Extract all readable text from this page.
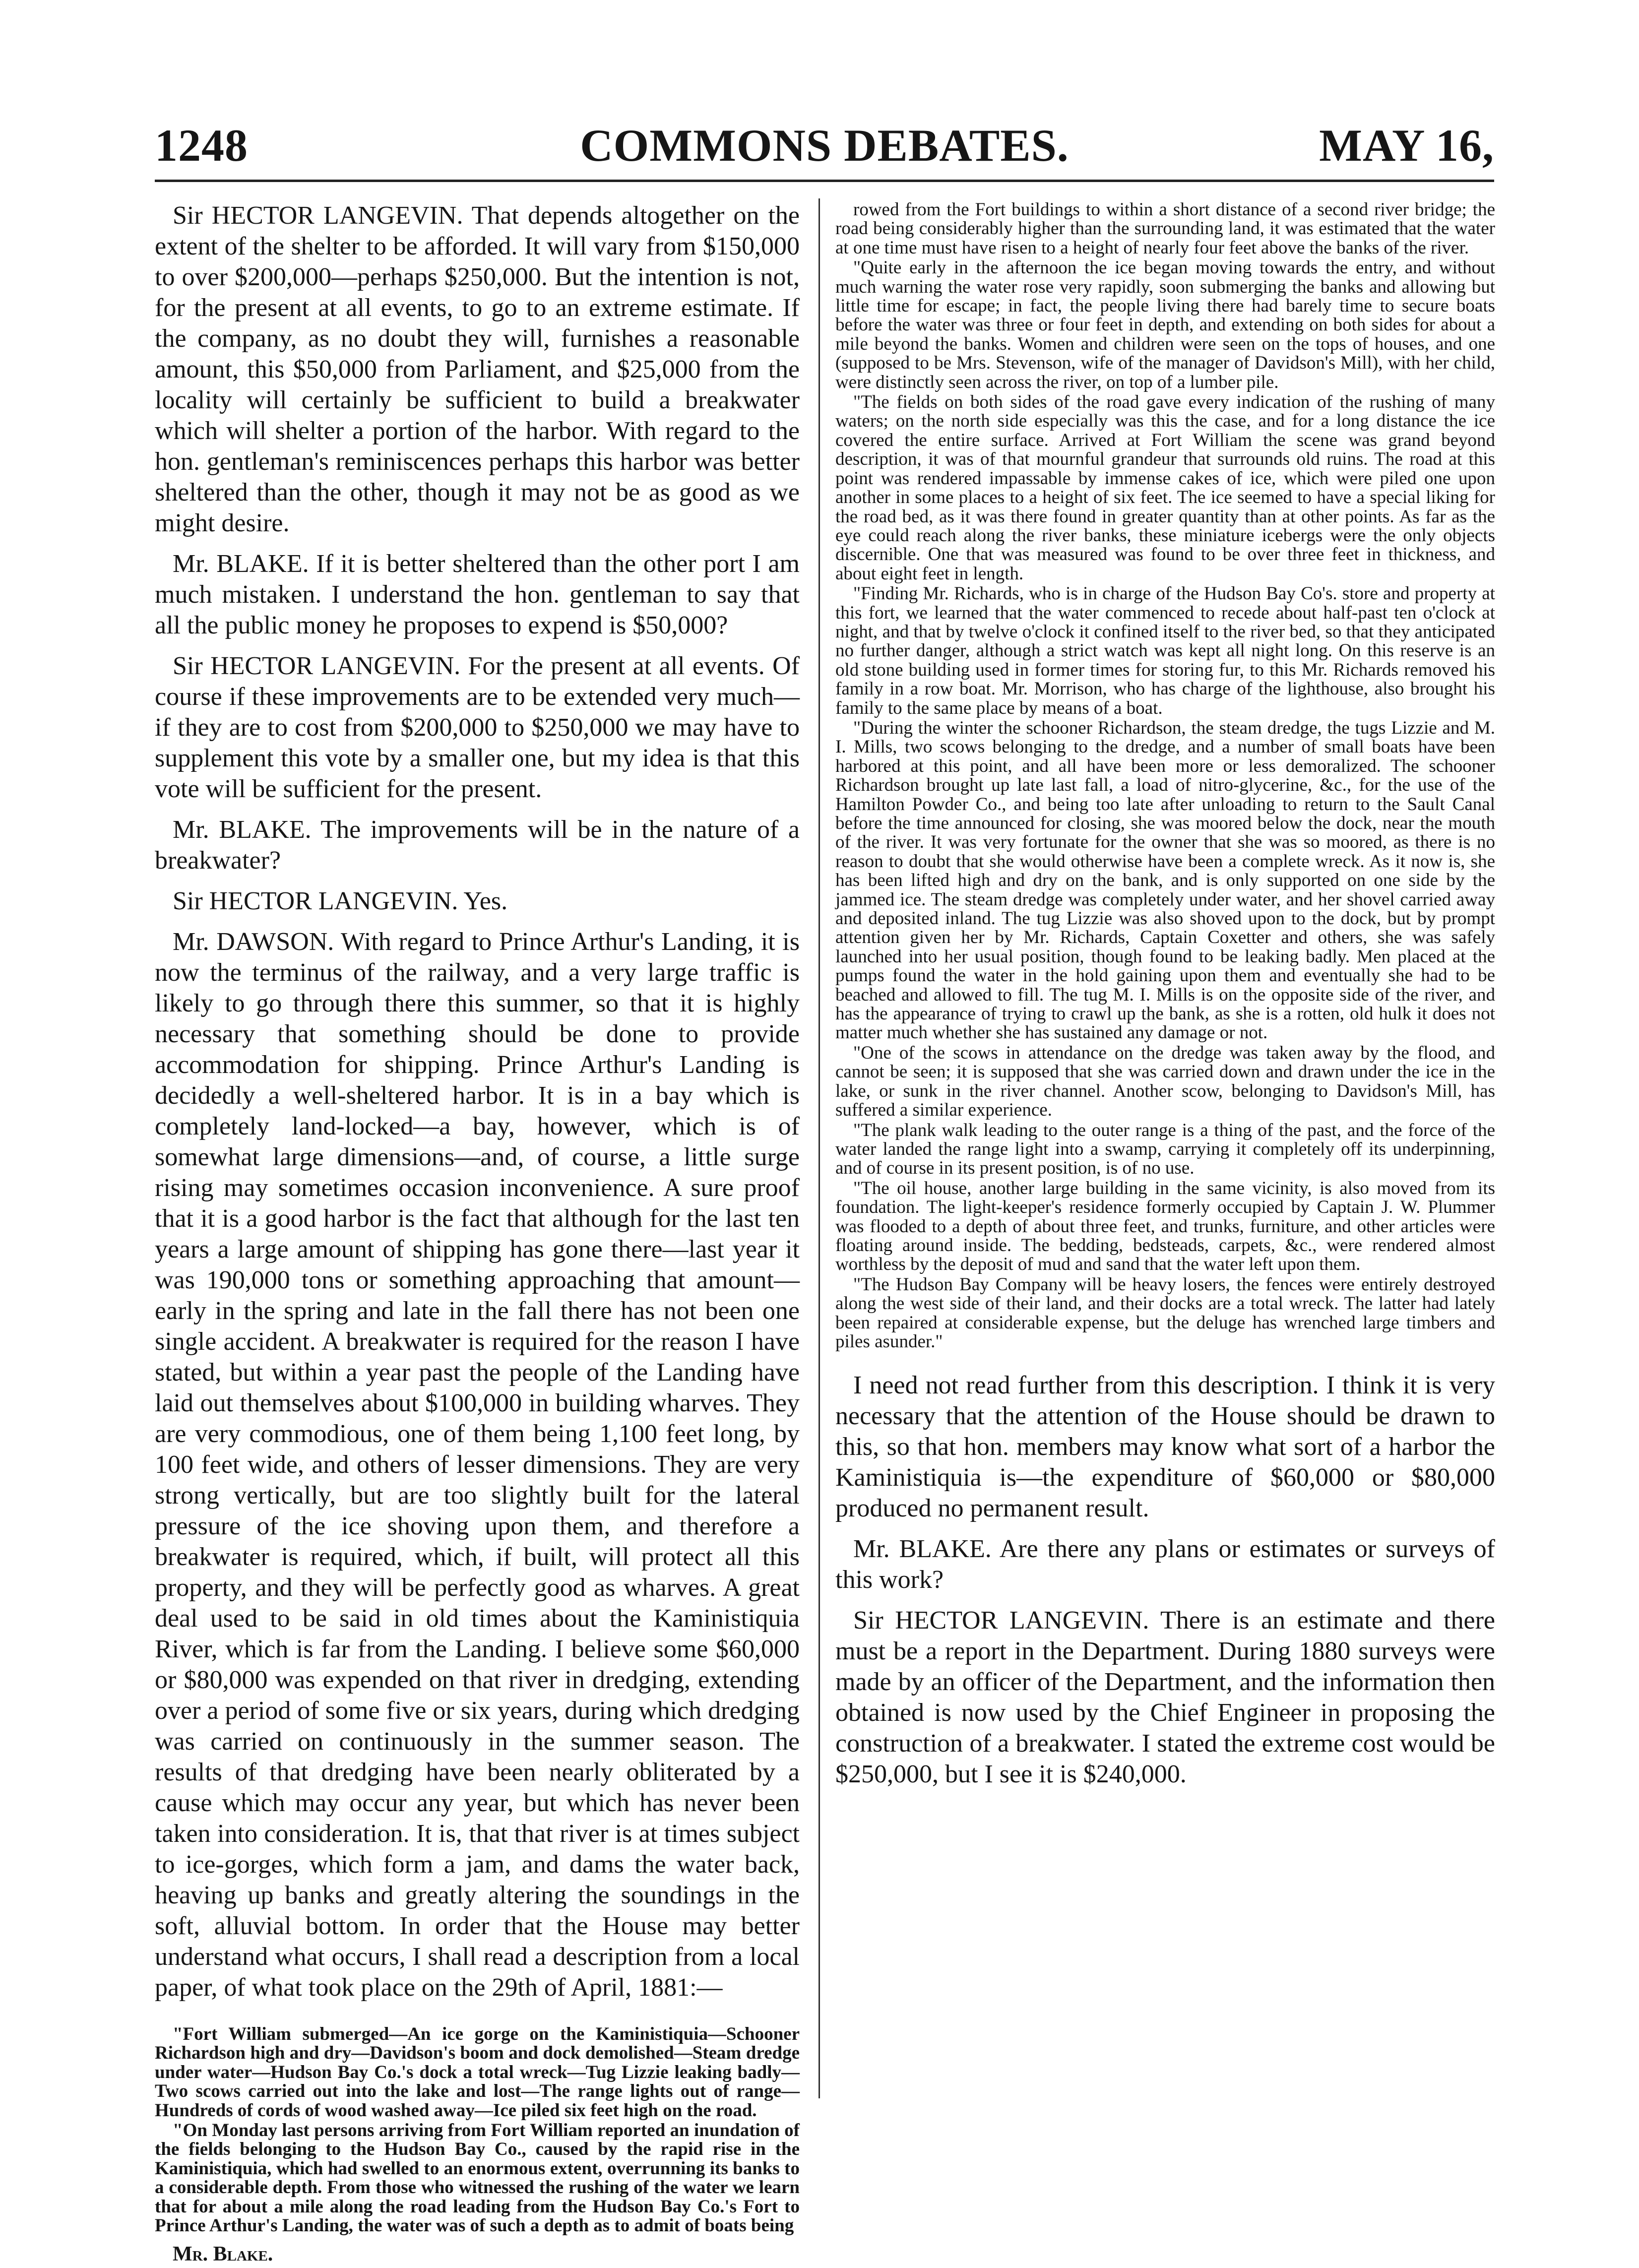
1248	COMMONS DEBATES.	MAY 16,

Sir HECTOR LANGEVIN. That depends altogether on the extent of the shelter to be afforded. It will vary from $150,000 to over $200,000—perhaps $250,000. But the intention is not, for the present at all events, to go to an extreme estimate. If the company, as no doubt they will, furnishes a reasonable amount, this $50,000 from Parliament, and $25,000 from the locality will certainly be sufficient to build a breakwater which will shelter a portion of the harbor. With regard to the hon. gentleman's reminiscences perhaps this harbor was better sheltered than the other, though it may not be as good as we might desire.

Mr. BLAKE. If it is better sheltered than the other port I am much mistaken. I understand the hon. gentleman to say that all the public money he proposes to expend is $50,000?

Sir HECTOR LANGEVIN. For the present at all events. Of course if these improvements are to be extended very much—if they are to cost from $200,000 to $250,000 we may have to supplement this vote by a smaller one, but my idea is that this vote will be sufficient for the present.

Mr. BLAKE. The improvements will be in the nature of a breakwater?

Sir HECTOR LANGEVIN. Yes.

Mr. DAWSON. With regard to Prince Arthur's Landing, it is now the terminus of the railway, and a very large traffic is likely to go through there this summer, so that it is highly necessary that something should be done to provide accommodation for shipping. Prince Arthur's Landing is decidedly a well-sheltered harbor. It is in a bay which is completely land-locked—a bay, however, which is of somewhat large dimensions—and, of course, a little surge rising may sometimes occasion inconvenience. A sure proof that it is a good harbor is the fact that although for the last ten years a large amount of shipping has gone there—last year it was 190,000 tons or something approaching that amount—early in the spring and late in the fall there has not been one single accident. A breakwater is required for the reason I have stated, but within a year past the people of the Landing have laid out themselves about $100,000 in building wharves. They are very commodious, one of them being 1,100 feet long, by 100 feet wide, and others of lesser dimensions. They are very strong vertically, but are too slightly built for the lateral pressure of the ice shoving upon them, and therefore a breakwater is required, which, if built, will protect all this property, and they will be perfectly good as wharves. A great deal used to be said in old times about the Kaministiquia River, which is far from the Landing. I believe some $60,000 or $80,000 was expended on that river in dredging, extending over a period of some five or six years, during which dredging was carried on continuously in the summer season. The results of that dredging have been nearly obliterated by a cause which may occur any year, but which has never been taken into consideration. It is, that that river is at times subject to ice-gorges, which form a jam, and dams the water back, heaving up banks and greatly altering the soundings in the soft, alluvial bottom. In order that the House may better understand what occurs, I shall read a description from a local paper, of what took place on the 29th of April, 1881:—

"Fort William submerged—An ice gorge on the Kaministiquia—Schooner Richardson high and dry—Davidson's boom and dock demolished—Steam dredge under water—Hudson Bay Co.'s dock a total wreck—Tug Lizzie leaking badly—Two scows carried out into the lake and lost—The range lights out of range—Hundreds of cords of wood washed away—Ice piled six feet high on the road.

"On Monday last persons arriving from Fort William reported an inundation of the fields belonging to the Hudson Bay Co., caused by the rapid rise in the Kaministiquia, which had swelled to an enormous extent, overrunning its banks to a considerable depth. From those who witnessed the rushing of the water we learn that for about a mile along the road leading from the Hudson Bay Co.'s Fort to Prince Arthur's Landing, the water was of such a depth as to admit of boats being

Mr. Blake.

rowed from the Fort buildings to within a short distance of a second river bridge; the road being considerably higher than the surrounding land, it was estimated that the water at one time must have risen to a height of nearly four feet above the banks of the river.

"Quite early in the afternoon the ice began moving towards the entry, and without much warning the water rose very rapidly, soon submerging the banks and allowing but little time for escape; in fact, the people living there had barely time to secure boats before the water was three or four feet in depth, and extending on both sides for about a mile beyond the banks. Women and children were seen on the tops of houses, and one (supposed to be Mrs. Stevenson, wife of the manager of Davidson's Mill), with her child, were distinctly seen across the river, on top of a lumber pile.

"The fields on both sides of the road gave every indication of the rushing of many waters; on the north side especially was this the case, and for a long distance the ice covered the entire surface. Arrived at Fort William the scene was grand beyond description, it was of that mournful grandeur that surrounds old ruins. The road at this point was rendered impassable by immense cakes of ice, which were piled one upon another in some places to a height of six feet. The ice seemed to have a special liking for the road bed, as it was there found in greater quantity than at other points. As far as the eye could reach along the river banks, these miniature icebergs were the only objects discernible. One that was measured was found to be over three feet in thickness, and about eight feet in length.

"Finding Mr. Richards, who is in charge of the Hudson Bay Co's. store and property at this fort, we learned that the water commenced to recede about half-past ten o'clock at night, and that by twelve o'clock it confined itself to the river bed, so that they anticipated no further danger, although a strict watch was kept all night long. On this reserve is an old stone building used in former times for storing fur, to this Mr. Richards removed his family in a row boat. Mr. Morrison, who has charge of the lighthouse, also brought his family to the same place by means of a boat.

"During the winter the schooner Richardson, the steam dredge, the tugs Lizzie and M. I. Mills, two scows belonging to the dredge, and a number of small boats have been harbored at this point, and all have been more or less demoralized. The schooner Richardson brought up late last fall, a load of nitro-glycerine, &c., for the use of the Hamilton Powder Co., and being too late after unloading to return to the Sault Canal before the time announced for closing, she was moored below the dock, near the mouth of the river. It was very fortunate for the owner that she was so moored, as there is no reason to doubt that she would otherwise have been a complete wreck. As it now is, she has been lifted high and dry on the bank, and is only supported on one side by the jammed ice. The steam dredge was completely under water, and her shovel carried away and deposited inland. The tug Lizzie was also shoved upon to the dock, but by prompt attention given her by Mr. Richards, Captain Coxetter and others, she was safely launched into her usual position, though found to be leaking badly. Men placed at the pumps found the water in the hold gaining upon them and eventually she had to be beached and allowed to fill. The tug M. I. Mills is on the opposite side of the river, and has the appearance of trying to crawl up the bank, as she is a rotten, old hulk it does not matter much whether she has sustained any damage or not.

"One of the scows in attendance on the dredge was taken away by the flood, and cannot be seen; it is supposed that she was carried down and drawn under the ice in the lake, or sunk in the river channel. Another scow, belonging to Davidson's Mill, has suffered a similar experience.

"The plank walk leading to the outer range is a thing of the past, and the force of the water landed the range light into a swamp, carrying it completely off its underpinning, and of course in its present position, is of no use.

"The oil house, another large building in the same vicinity, is also moved from its foundation. The light-keeper's residence formerly occupied by Captain J. W. Plummer was flooded to a depth of about three feet, and trunks, furniture, and other articles were floating around inside. The bedding, bedsteads, carpets, &c., were rendered almost worthless by the deposit of mud and sand that the water left upon them.

"The Hudson Bay Company will be heavy losers, the fences were entirely destroyed along the west side of their land, and their docks are a total wreck. The latter had lately been repaired at considerable expense, but the deluge has wrenched large timbers and piles asunder."

I need not read further from this description. I think it is very necessary that the attention of the House should be drawn to this, so that hon. members may know what sort of a harbor the Kaministiquia is—the expenditure of $60,000 or $80,000 produced no permanent result.

Mr. BLAKE. Are there any plans or estimates or surveys of this work?

Sir HECTOR LANGEVIN. There is an estimate and there must be a report in the Department. During 1880 surveys were made by an officer of the Department, and the information then obtained is now used by the Chief Engineer in proposing the construction of a breakwater. I stated the extreme cost would be $250,000, but I see it is $240,000.
